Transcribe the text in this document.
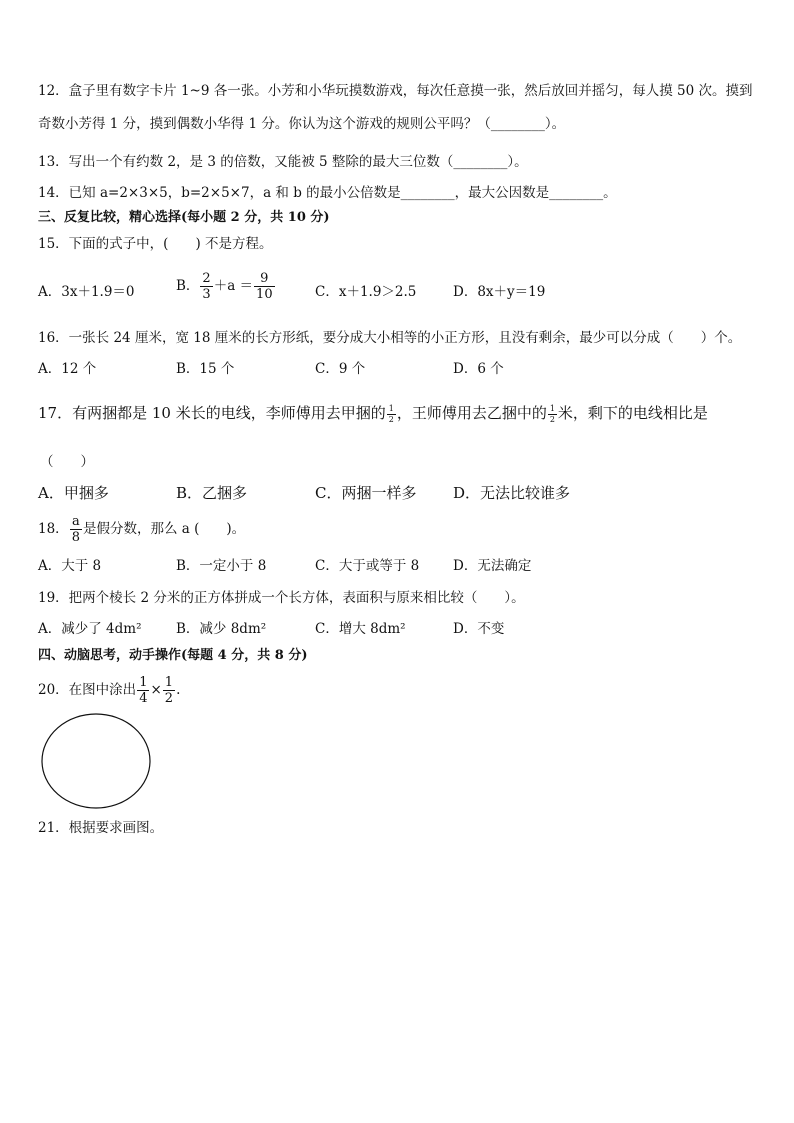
12．盒子里有数字卡片 1~9 各一张。小芳和小华玩摸数游戏，每次任意摸一张，然后放回并摇匀，每人摸 50 次。摸到
奇数小芳得 1 分，摸到偶数小华得 1 分。你认为这个游戏的规则公平吗？（________）。
13．写出一个有约数 2，是 3 的倍数，又能被 5 整除的最大三位数（________）。
14．已知 a=2×3×5，b=2×5×7，a 和 b 的最小公倍数是________，最大公因数是________。
三、反复比较，精心选择(每小题 2 分，共 10 分)
15．下面的式子中，(　　) 不是方程。
A．3x＋1.9＝0	B． $\frac{2}{3} +a = \frac{9}{10}$	C．x＋1.9＞2.5	D．8x＋y＝19
16．一张长 24 厘米，宽 18 厘米的长方形纸，要分成大小相等的小正方形，且没有剩余，最少可以分成（　　）个。
A．12 个	B．15 个	C．9 个	D．6 个
17．有两捆都是 10 米长的电线，李师傅用去甲捆的 $\frac{1}{2}$ ，王师傅用去乙捆中的 $\frac{1}{2}$ 米，剩下的电线相比是
（　　）
A．甲捆多	B．乙捆多	C．两捆一样多 D．无法比较谁多
18． $\frac{a}{8}$ 是假分数，那么 a (　　)。
A．大于 8	B．一定小于 8	C．大于或等于 8	D．无法确定
19．把两个棱长 2 分米的正方体拼成一个长方体，表面积与原来相比较（　　）。
A．减少了 4dm²	B．减少 8dm²	C．增大 8dm²	D．不变
四、动脑思考，动手操作(每题 4 分，共 8 分)
20．在图中涂出 $\frac{1}{4} \times \frac{1}{2}$ .
21．根据要求画图。
